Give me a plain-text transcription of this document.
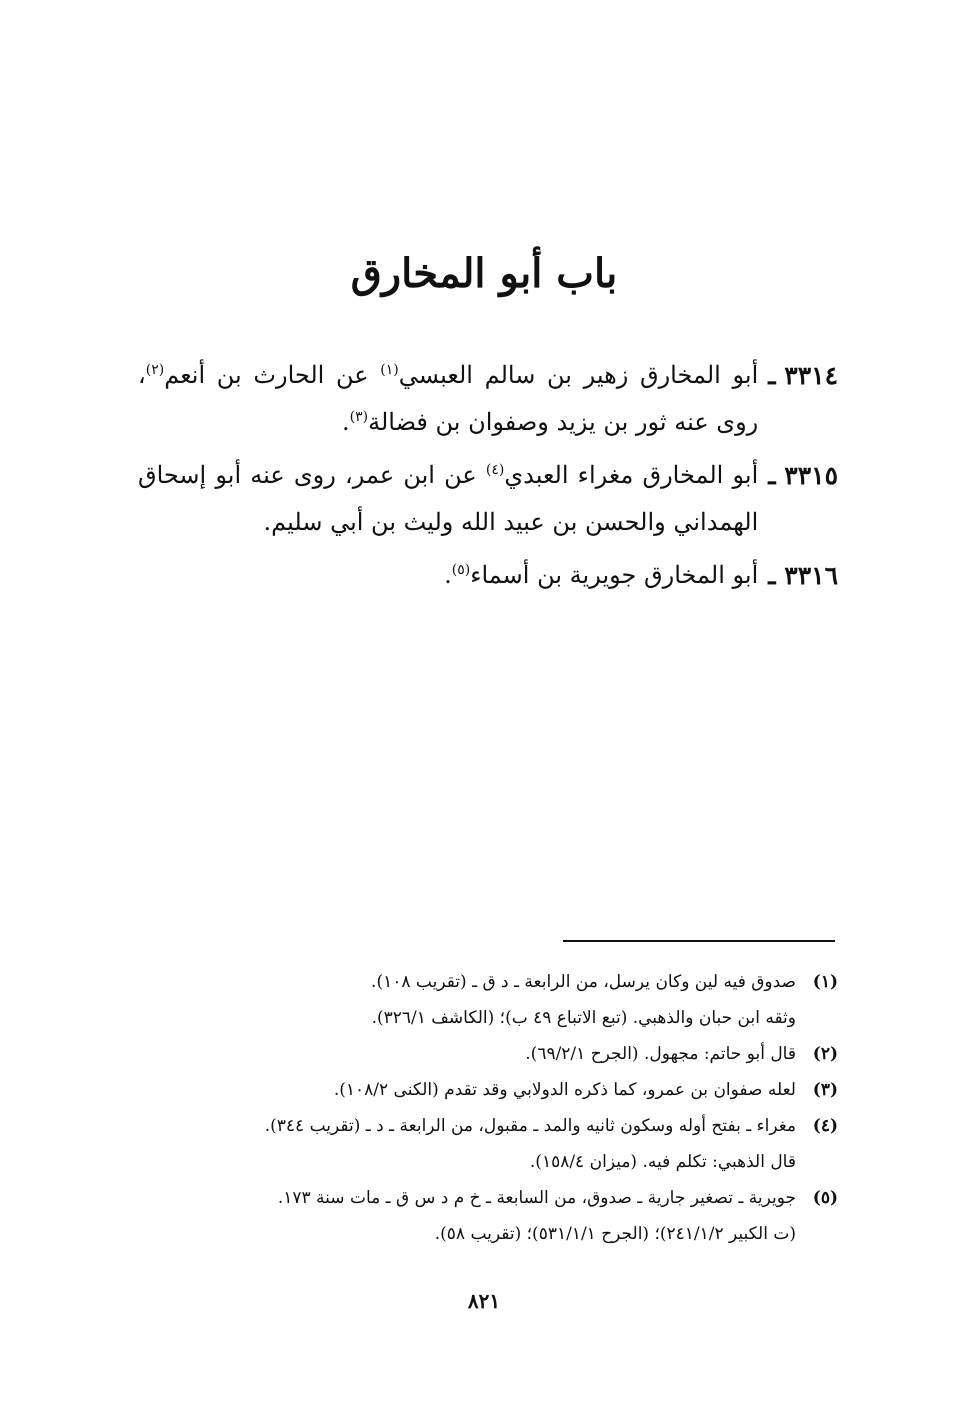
باب أبو المخارق
٣٣١٤ ـ
أبو المخارق زهير بن سالم العبسي$^{(١)}$ عن الحارث بن أنعم$^{(٢)}$، روى عنه ثور بن يزيد وصفوان بن فضالة$^{(٣)}$.
٣٣١٥ ـ
أبو المخارق مغراء العبدي$^{(٤)}$ عن ابن عمر، روى عنه أبو إسحاق الهمداني والحسن بن عبيد الله وليث بن أبي سليم.
٣٣١٦ ـ
أبو المخارق جويرية بن أسماء$^{(٥)}$.
(١)
صدوق فيه لين وكان يرسل، من الرابعة ـ د ق ـ (تقريب ١٠٨).
وثقه ابن حبان والذهبي. (تبع الاتباع ٤٩ ب)؛ (الكاشف ٣٢٦/١).
(٢)
قال أبو حاتم: مجهول. (الجرح ٦٩/٢/١).
(٣)
لعله صفوان بن عمرو، كما ذكره الدولابي وقد تقدم (الكنى ١٠٨/٢).
(٤)
مغراء ـ بفتح أوله وسكون ثانيه والمد ـ مقبول، من الرابعة ـ د ـ (تقريب ٣٤٤).
قال الذهبي: تكلم فيه. (ميزان ١٥٨/٤).
(٥)
جويرية ـ تصغير جارية ـ صدوق، من السابعة ـ خ م د س ق ـ مات سنة ١٧٣.
(ت الكبير ٢٤١/١/٢)؛ (الجرح ٥٣١/١/١)؛ (تقريب ٥٨).
٨٢١
